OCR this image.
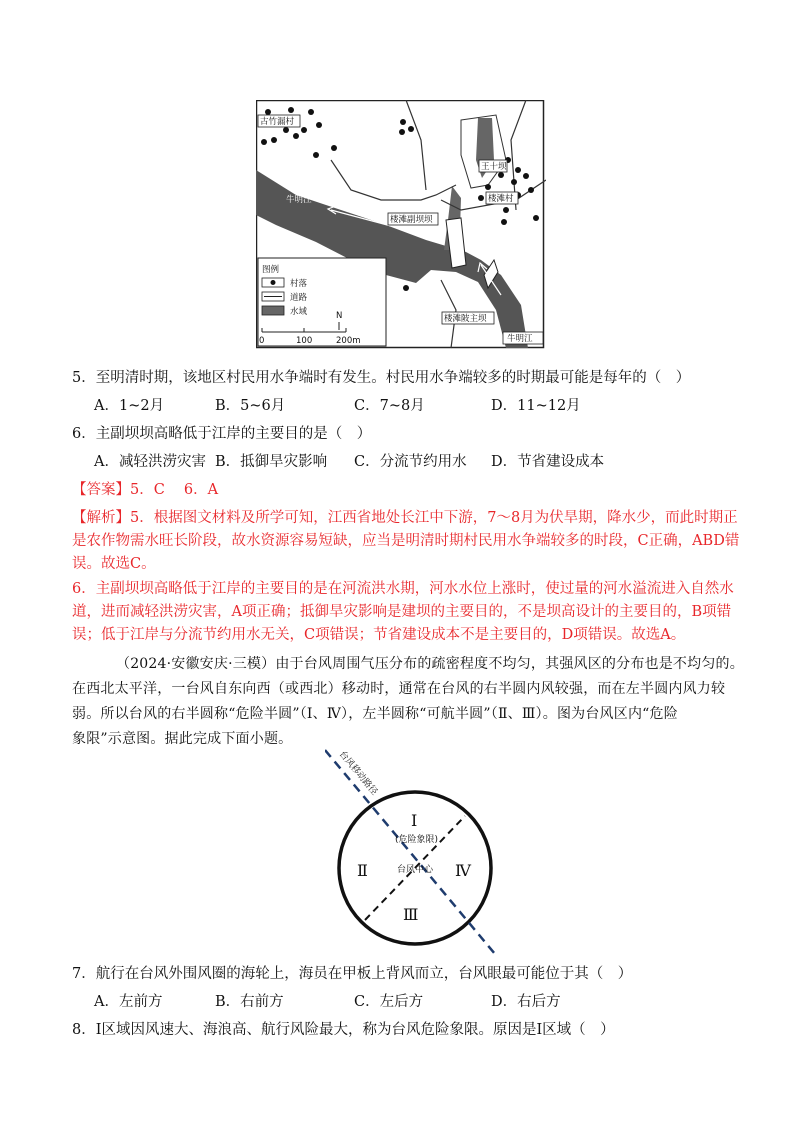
古竹漏村
王十坝
楼滩村
牛明江
楼滩副坝坝
楼滩陂主坝
牛明江
图例
村落
道路
水域
0	100	200m
N
5．至明清时期，该地区村民用水争端时有发生。村民用水争端较多的时期最可能是每年的（　）
A．1~2月	B．5~6月	C．7~8月	D．11~12月
6．主副坝坝高略低于江岸的主要目的是（　）
A．减轻洪涝灾害 B．抵御旱灾影响 C．分流节约用水 D．节省建设成本
【答案】5．C　 6．A
【解析】5．根据图文材料及所学可知，江西省地处长江中下游，7～8月为伏旱期，降水少，而此时期正
是农作物需水旺长阶段，故水资源容易短缺，应当是明清时期村民用水争端较多的时段，C正确，ABD错
误。故选C。
6．主副坝坝高略低于江岸的主要目的是在河流洪水期，河水水位上涨时，使过量的河水溢流进入自然水
道，进而减轻洪涝灾害，A项正确；抵御旱灾影响是建坝的主要目的，不是坝高设计的主要目的，B项错
误；低于江岸与分流节约用水无关，C项错误；节省建设成本不是主要目的，D项错误。故选A。
（2024·安徽安庆·三模）由于台风周围气压分布的疏密程度不均匀，其强风区的分布也是不均匀的。
在西北太平洋，一台风自东向西（或西北）移动时，通常在台风的右半圆内风较强，而在左半圆内风力较
弱。所以台风的右半圆称“危险半圆”（Ⅰ、Ⅳ），左半圆称“可航半圆”（Ⅱ、Ⅲ）。图为台风区内“危险
象限”示意图。据此完成下面小题。
台风移动路径
Ⅰ
(危险象限)
Ⅱ	Ⅳ
Ⅲ
台风中心
7．航行在台风外围风圈的海轮上，海员在甲板上背风而立，台风眼最可能位于其（　）
A．左前方	B．右前方	C．左后方	D．右后方
8．Ⅰ区域因风速大、海浪高、航行风险最大，称为台风危险象限。原因是Ⅰ区域（　）
